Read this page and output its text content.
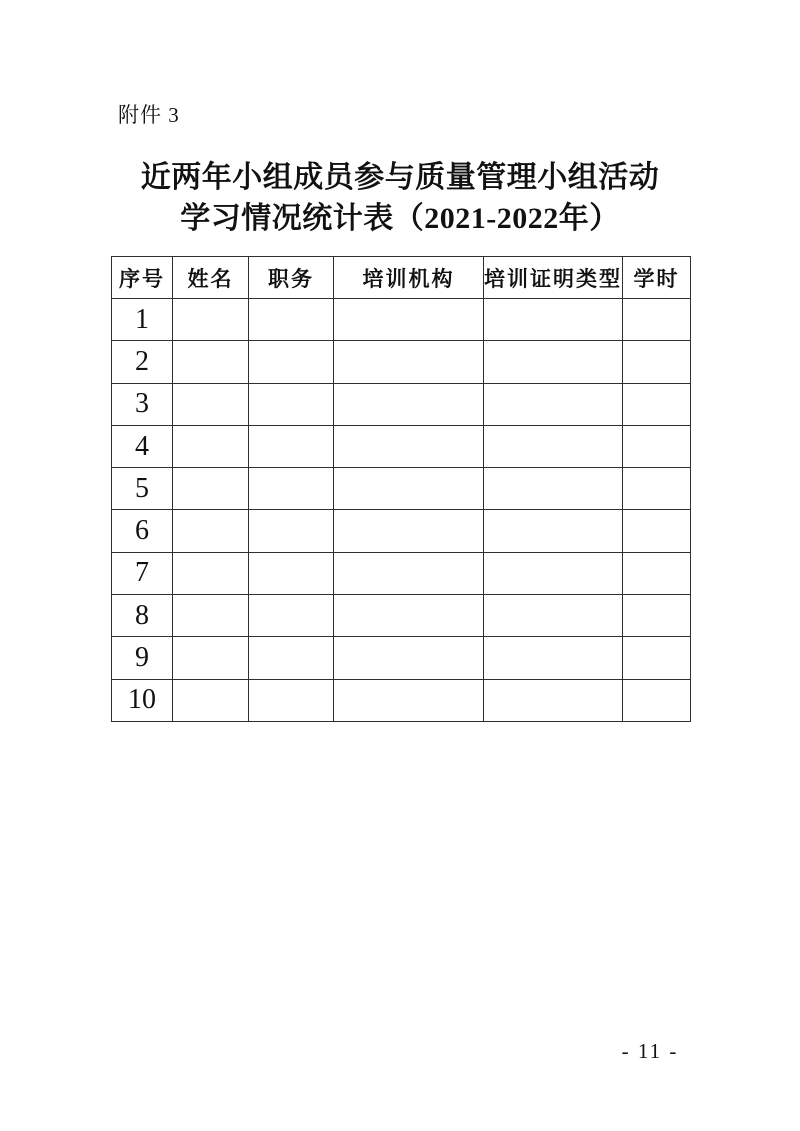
附件 3
近两年小组成员参与质量管理小组活动
学习情况统计表（2021-2022年）
序号	姓名	职务	培训机构	培训证明类型	学时
1					
2					
3					
4					
5					
6					
7					
8					
9					
10					
- 11 -
